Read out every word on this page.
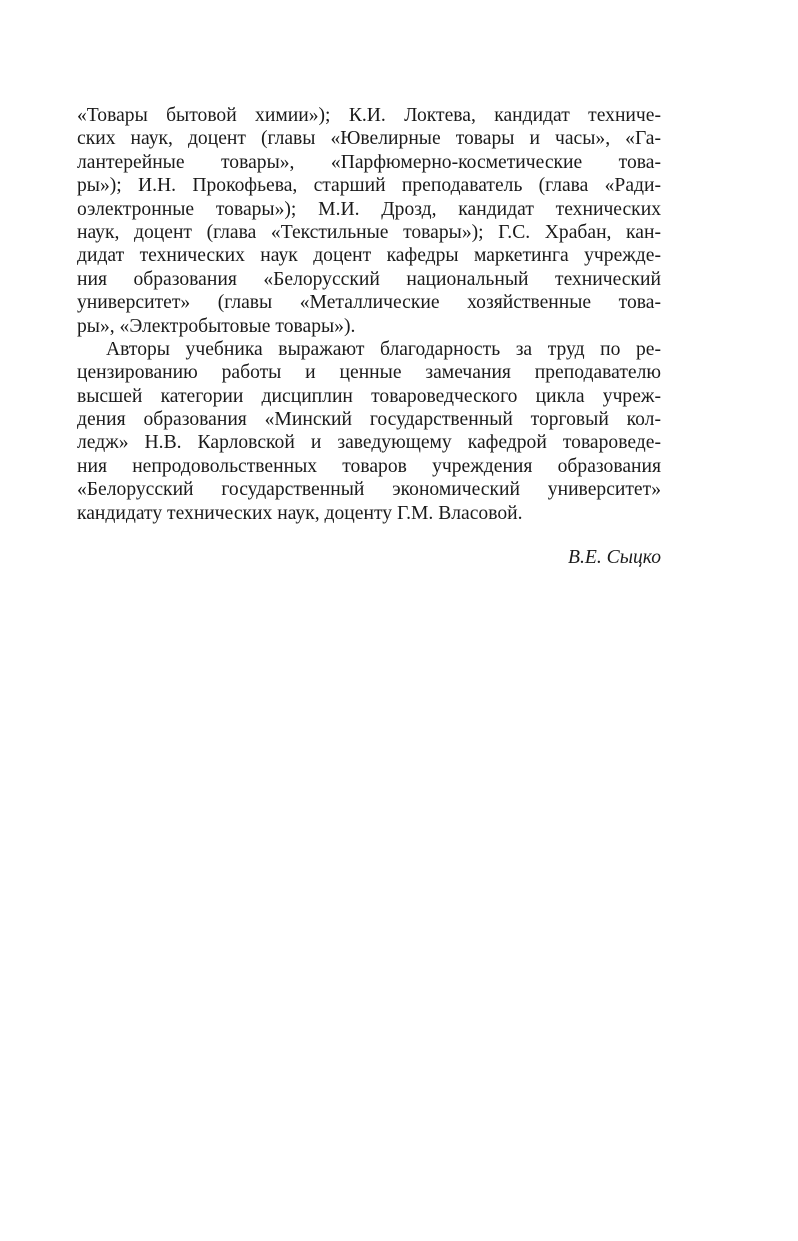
«Товары бытовой химии»); К.И. Локтева, кандидат техниче-
ских наук, доцент (главы «Ювелирные товары и часы», «Га-
лантерейные товары», «Парфюмерно-косметические това-
ры»); И.Н. Прокофьева, старший преподаватель (глава «Ради-
оэлектронные товары»); М.И. Дрозд, кандидат технических
наук, доцент (глава «Текстильные товары»); Г.С. Храбан, кан-
дидат технических наук доцент кафедры маркетинга учрежде-
ния образования «Белорусский национальный технический
университет» (главы «Металлические хозяйственные това-
ры», «Электробытовые товары»).
Авторы учебника выражают благодарность за труд по ре-
цензированию работы и ценные замечания преподавателю
высшей категории дисциплин товароведческого цикла учреж-
дения образования «Минский государственный торговый кол-
ледж» Н.В. Карловской и заведующему кафедрой товароведе-
ния непродовольственных товаров учреждения образования
«Белорусский государственный экономический университет»
кандидату технических наук, доценту Г.М. Власовой.
В.Е. Сыцко
